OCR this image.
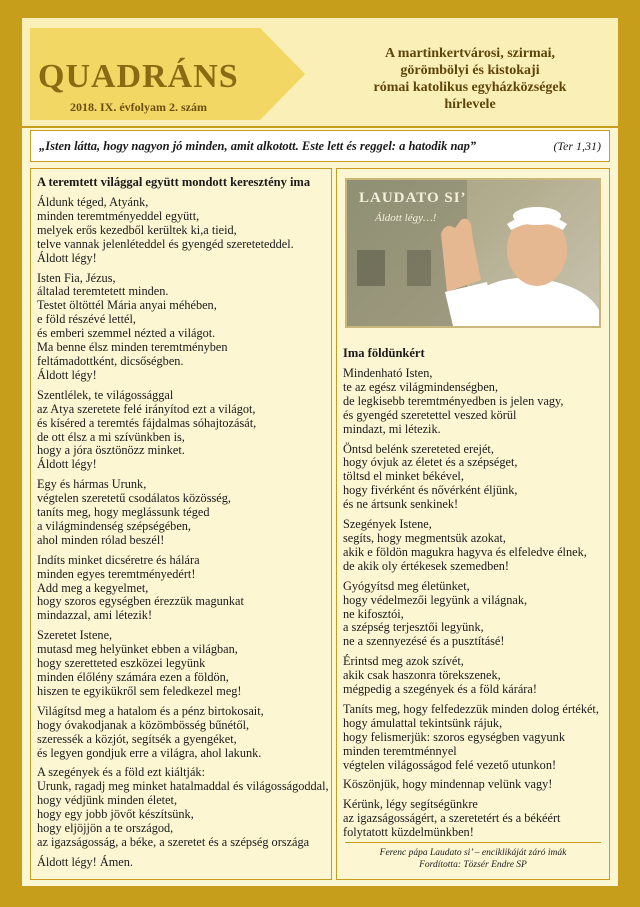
QUADRÁNS
2018. IX. évfolyam 2. szám
A martinkertvárosi, szirmai,
görömbölyi és kistokaji
római katolikus egyházközségek
hírlevele
„Isten látta, hogy nagyon jó minden, amit alkotott. Este lett és reggel: a hatodik nap”	(Ter 1,31)
A teremtett világgal együtt mondott keresztény ima

Áldunk téged, Atyánk,

minden teremtményeddel együtt,

melyek erős kezedből kerültek ki,a tieid,

telve vannak jelenléteddel és gyengéd szereteteddel.

Áldott légy!

Isten Fia, Jézus,

általad teremtetett minden.

Testet öltöttél Mária anyai méhében,

e föld részévé lettél,

és emberi szemmel nézted a világot.

Ma benne élsz minden teremtményben

feltámadottként, dicsőségben.

Áldott légy!

Szentlélek, te világossággal

az Atya szeretete felé irányítod ezt a világot,

és kíséred a teremtés fájdalmas sóhajtozását,

de ott élsz a mi szívünkben is,

hogy a jóra ösztönözz minket.

Áldott légy!

Egy és hármas Urunk,

végtelen szeretetű csodálatos közösség,

taníts meg, hogy meglássunk téged

a világmindenség szépségében,

ahol minden rólad beszél!

Indíts minket dicséretre és hálára

minden egyes teremtményedért!

Add meg a kegyelmet,

hogy szoros egységben érezzük magunkat

mindazzal, ami létezik!

Szeretet Istene,

mutasd meg helyünket ebben a világban,

hogy szeretteted eszközei legyünk

minden élőlény számára ezen a földön,

hiszen te egyikükről sem feledkezel meg!

Világítsd meg a hatalom és a pénz birtokosait,

hogy óvakodjanak a közömbösség bűnétől,

szeressék a közjót, segítsék a gyengéket,

és legyen gondjuk erre a világra, ahol lakunk.

A szegények és a föld ezt kiáltják:

Urunk, ragadj meg minket hatalmaddal és világosságoddal,

hogy védjünk minden életet,

hogy egy jobb jövőt készítsünk,

hogy eljöjjön a te országod,

az igazságosság, a béke, a szeretet és a szépség országa

Áldott légy! Ámen.

LAUDATO SI’
Áldott légy…!
Ima földünkért

Mindenható Isten,

te az egész világmindenségben,

de legkisebb teremtményedben is jelen vagy,

és gyengéd szeretettel veszed körül

mindazt, mi létezik.

Öntsd belénk szereteted erejét,

hogy óvjuk az életet és a szépséget,

töltsd el minket békével,

hogy fivérként és nővérként éljünk,

és ne ártsunk senkinek!

Szegények Istene,

segíts, hogy megmentsük azokat,

akik e földön magukra hagyva és elfeledve élnek,

de akik oly értékesek szemedben!

Gyógyítsd meg életünket,

hogy védelmezői legyünk a világnak,

ne kifosztói,

a szépség terjesztői legyünk,

ne a szennyezésé és a pusztításé!

Érintsd meg azok szívét,

akik csak haszonra törekszenek,

mégpedig a szegények és a föld kárára!

Taníts meg, hogy felfedezzük minden dolog értékét,

hogy ámulattal tekintsünk rájuk,

hogy felismerjük: szoros egységben vagyunk

minden teremtménnyel

végtelen világosságod felé vezető utunkon!

Köszönjük, hogy mindennap velünk vagy!

Kérünk, légy segítségünkre

az igazságosságért, a szeretetért és a békéért

folytatott küzdelmünkben!

Ferenc pápa Laudato si’ – enciklikáját záró imák
Fordította: Tözsér Endre SP
